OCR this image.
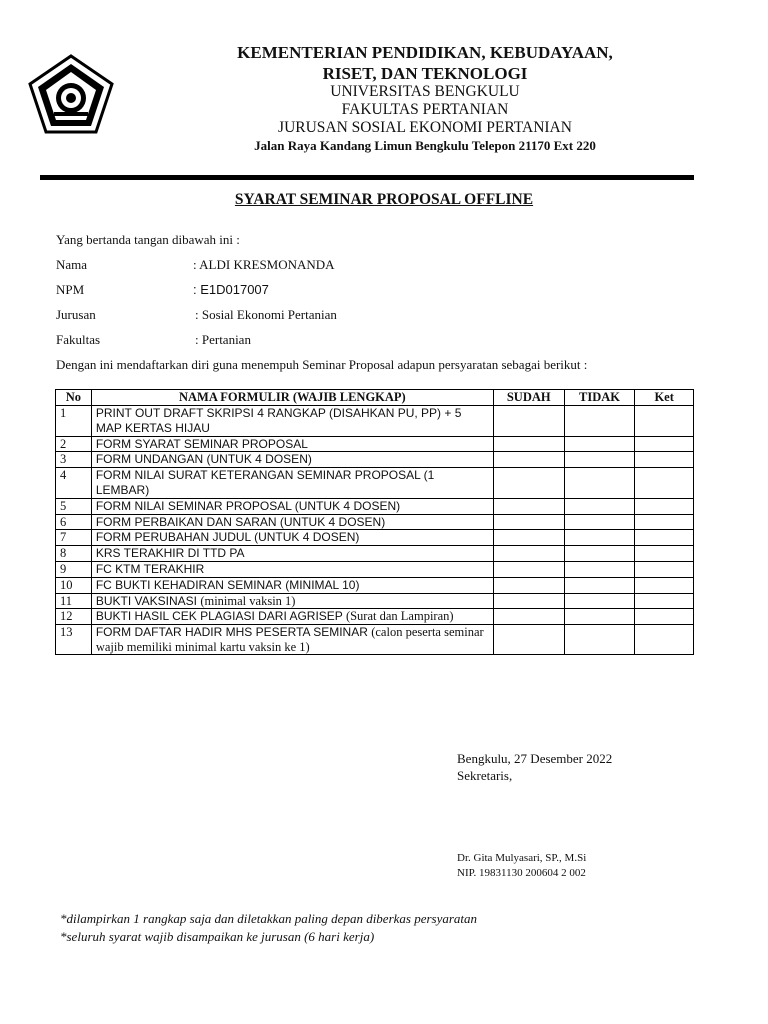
KEMENTERIAN PENDIDIKAN, KEBUDAYAAN,
RISET, DAN TEKNOLOGI
UNIVERSITAS BENGKULU
FAKULTAS PERTANIAN
JURUSAN SOSIAL EKONOMI PERTANIAN
Jalan Raya Kandang Limun Bengkulu Telepon 21170 Ext 220
SYARAT SEMINAR PROPOSAL OFFLINE
Yang bertanda tangan dibawah ini :
Nama	: ALDI KRESMONANDA
NPM	: E1D017007
Jurusan	: Sosial Ekonomi Pertanian
Fakultas	: Pertanian
Dengan ini mendaftarkan diri guna menempuh Seminar Proposal adapun persyaratan sebagai berikut :
No	NAMA FORMULIR (WAJIB LENGKAP)	SUDAH	TIDAK	Ket
1	PRINT OUT DRAFT SKRIPSI 4 RANGKAP (DISAHKAN PU, PP) + 5 MAP KERTAS HIJAU			
2	FORM SYARAT SEMINAR PROPOSAL			
3	FORM UNDANGAN (UNTUK 4 DOSEN)			
4	FORM NILAI SURAT KETERANGAN SEMINAR PROPOSAL (1 LEMBAR)			
5	FORM NILAI SEMINAR PROPOSAL (UNTUK 4 DOSEN)			
6	FORM PERBAIKAN DAN SARAN (UNTUK 4 DOSEN)			
7	FORM PERUBAHAN JUDUL (UNTUK 4 DOSEN)			
8	KRS TERAKHIR DI TTD PA			
9	FC KTM TERAKHIR			
10	FC BUKTI KEHADIRAN SEMINAR (MINIMAL 10)			
11	BUKTI VAKSINASI (minimal vaksin 1)			
12	BUKTI HASIL CEK PLAGIASI DARI AGRISEP (Surat dan Lampiran)			
13	FORM DAFTAR HADIR MHS PESERTA SEMINAR (calon peserta seminar wajib memiliki minimal kartu vaksin ke 1)			
Bengkulu, 27 Desember 2022
Sekretaris,
Dr. Gita Mulyasari, SP., M.Si
NIP. 19831130 200604 2 002
*dilampirkan 1 rangkap saja dan diletakkan paling depan diberkas persyaratan
*seluruh syarat wajib disampaikan ke jurusan (6 hari kerja)
